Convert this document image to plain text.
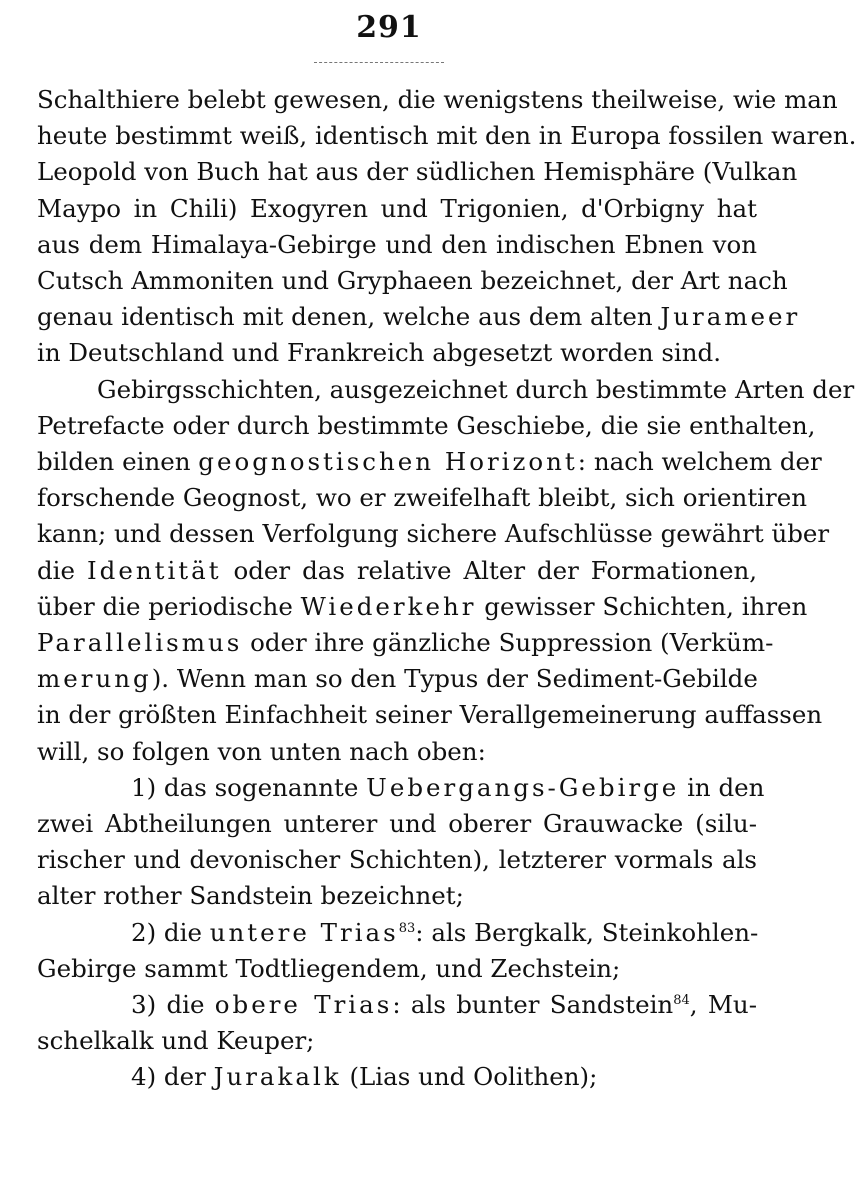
291
Schalthiere belebt gewesen, die wenigstens theilweise, wie man
heute bestimmt weiß, identisch mit den in Europa fossilen waren.
Leopold von Buch hat aus der südlichen Hemisphäre (Vulkan
Maypo in Chili) Exogyren und Trigonien, d'Orbigny hat
aus dem Himalaya-Gebirge und den indischen Ebnen von
Cutsch Ammoniten und Gryphaeen bezeichnet, der Art nach
genau identisch mit denen, welche aus dem alten Jurameer
in Deutschland und Frankreich abgesetzt worden sind.
Gebirgsschichten, ausgezeichnet durch bestimmte Arten der
Petrefacte oder durch bestimmte Geschiebe, die sie enthalten,
bilden einen geognostischen Horizont: nach welchem der
forschende Geognost, wo er zweifelhaft bleibt, sich orientiren
kann; und dessen Verfolgung sichere Aufschlüsse gewährt über
die Identität oder das relative Alter der Formationen,
über die periodische Wiederkehr gewisser Schichten, ihren
Parallelismus oder ihre gänzliche Suppression (Verküm-
merung). Wenn man so den Typus der Sediment-Gebilde
in der größten Einfachheit seiner Verallgemeinerung auffassen
will, so folgen von unten nach oben:
1) das sogenannte Uebergangs-Gebirge in den
zwei Abtheilungen unterer und oberer Grauwacke (silu-
rischer und devonischer Schichten), letzterer vormals als
alter rother Sandstein bezeichnet;
2) die untere Trias$^{83}$: als Bergkalk, Steinkohlen-
Gebirge sammt Todtliegendem, und Zechstein;
3) die obere Trias: als bunter Sandstein$^{84}$, Mu-
schelkalk und Keuper;
4) der Jurakalk (Lias und Oolithen);
